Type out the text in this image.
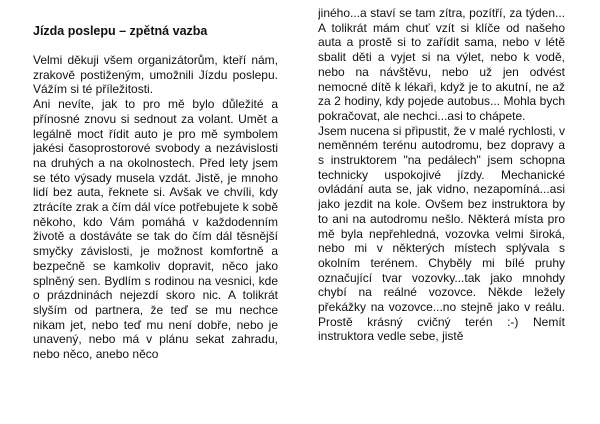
Jízda poslepu – zpětná vazba

Velmi děkuji všem organizátorům, kteří nám, zrakově postiženým, umožnili Jízdu poslepu. Vážím si té příležitosti.

Ani nevíte, jak to pro mě bylo důležité a přínosné znovu si sednout za volant. Umět a legálně moct řídit auto je pro mě symbolem jakési časoprostorové svobody a nezávislosti na druhých a na okolnostech. Před lety jsem se této výsady musela vzdát. Jistě, je mnoho lidí bez auta, řeknete si. Avšak ve chvíli, kdy ztrácíte zrak a čím dál více potřebujete k sobě někoho, kdo Vám pomáhá v každodenním životě a dostáváte se tak do čím dál těsnější smyčky závislosti, je možnost komfortně a bezpečně se kamkoliv dopravit, něco jako splněný sen. Bydlím s rodinou na vesnici, kde o prázdninách nejezdí skoro nic. A tolikrát slyším od partnera, že teď se mu nechce nikam jet, nebo teď mu není dobře, nebo je unavený, nebo má v plánu sekat zahradu, nebo něco, anebo něco

jiného...a staví se tam zítra, pozítří, za týden... A tolikrát mám chuť vzít si klíče od našeho auta a prostě si to zařídit sama, nebo v létě sbalit děti a vyjet si na výlet, nebo k vodě, nebo na návštěvu, nebo už jen odvést nemocné dítě k lékaři, když je to akutní, ne až za 2 hodiny, kdy pojede autobus... Mohla bych pokračovat, ale nechci...asi to chápete.

Jsem nucena si připustit, že v malé rychlosti, v neměnném terénu autodromu, bez dopravy a s instruktorem "na pedálech" jsem schopna technicky uspokojivé jízdy. Mechanické ovládání auta se, jak vidno, nezapomíná...asi jako jezdit na kole. Ovšem bez instruktora by to ani na autodromu nešlo. Některá místa pro mě byla nepřehledná, vozovka velmi široká, nebo mi v některých místech splývala s okolním terénem. Chyběly mi bílé pruhy označující tvar vozovky...tak jako mnohdy chybí na reálné vozovce. Někde ležely překážky na vozovce...no stejně jako v reálu. Prostě krásný cvičný terén :-) Nemít instruktora vedle sebe, jistě
